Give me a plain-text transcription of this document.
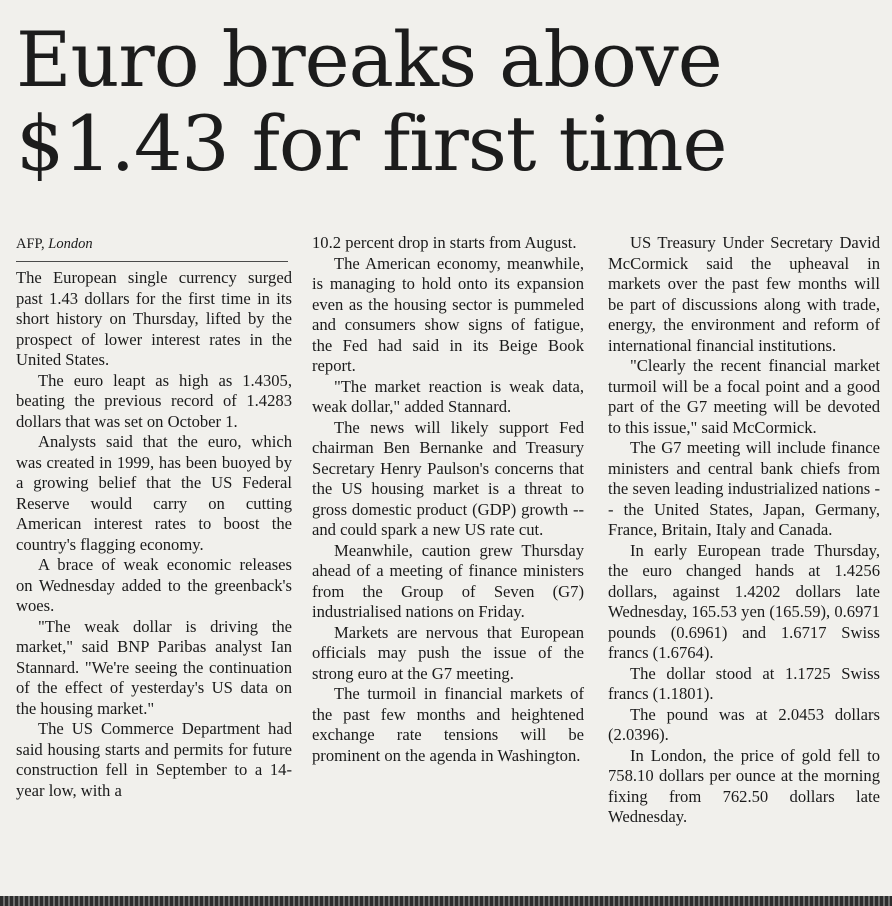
Euro breaks above
$1.43 for first time
AFP, London

The European single currency surged past 1.43 dollars for the first time in its short history on Thursday, lifted by the prospect of lower interest rates in the United States.

The euro leapt as high as 1.4305, beating the previous record of 1.4283 dollars that was set on October 1.

Analysts said that the euro, which was created in 1999, has been buoyed by a growing belief that the US Federal Reserve would carry on cutting American interest rates to boost the country's flagging economy.

A brace of weak economic releases on Wednesday added to the greenback's woes.

"The weak dollar is driving the market," said BNP Paribas analyst Ian Stannard. "We're seeing the continuation of the effect of yesterday's US data on the housing market."

The US Commerce Department had said housing starts and permits for future construction fell in September to a 14-year low, with a

10.2 percent drop in starts from August.

The American economy, meanwhile, is managing to hold onto its expansion even as the housing sector is pummeled and consumers show signs of fatigue, the Fed had said in its Beige Book report.

"The market reaction is weak data, weak dollar," added Stannard.

The news will likely support Fed chairman Ben Bernanke and Treasury Secretary Henry Paulson's concerns that the US housing market is a threat to gross domestic product (GDP) growth -- and could spark a new US rate cut.

Meanwhile, caution grew Thursday ahead of a meeting of finance ministers from the Group of Seven (G7) industrialised nations on Friday.

Markets are nervous that European officials may push the issue of the strong euro at the G7 meeting.

The turmoil in financial markets of the past few months and heightened exchange rate tensions will be prominent on the agenda in Washington.

US Treasury Under Secretary David McCormick said the upheaval in markets over the past few months will be part of discussions along with trade, energy, the environment and reform of international financial institutions.

"Clearly the recent financial market turmoil will be a focal point and a good part of the G7 meeting will be devoted to this issue," said McCormick.

The G7 meeting will include finance ministers and central bank chiefs from the seven leading industrialized nations -- the United States, Japan, Germany, France, Britain, Italy and Canada.

In early European trade Thursday, the euro changed hands at 1.4256 dollars, against 1.4202 dollars late Wednesday, 165.53 yen (165.59), 0.6971 pounds (0.6961) and 1.6717 Swiss francs (1.6764).

The dollar stood at 1.1725 Swiss francs (1.1801).

The pound was at 2.0453 dollars (2.0396).

In London, the price of gold fell to 758.10 dollars per ounce at the morning fixing from 762.50 dollars late Wednesday.
